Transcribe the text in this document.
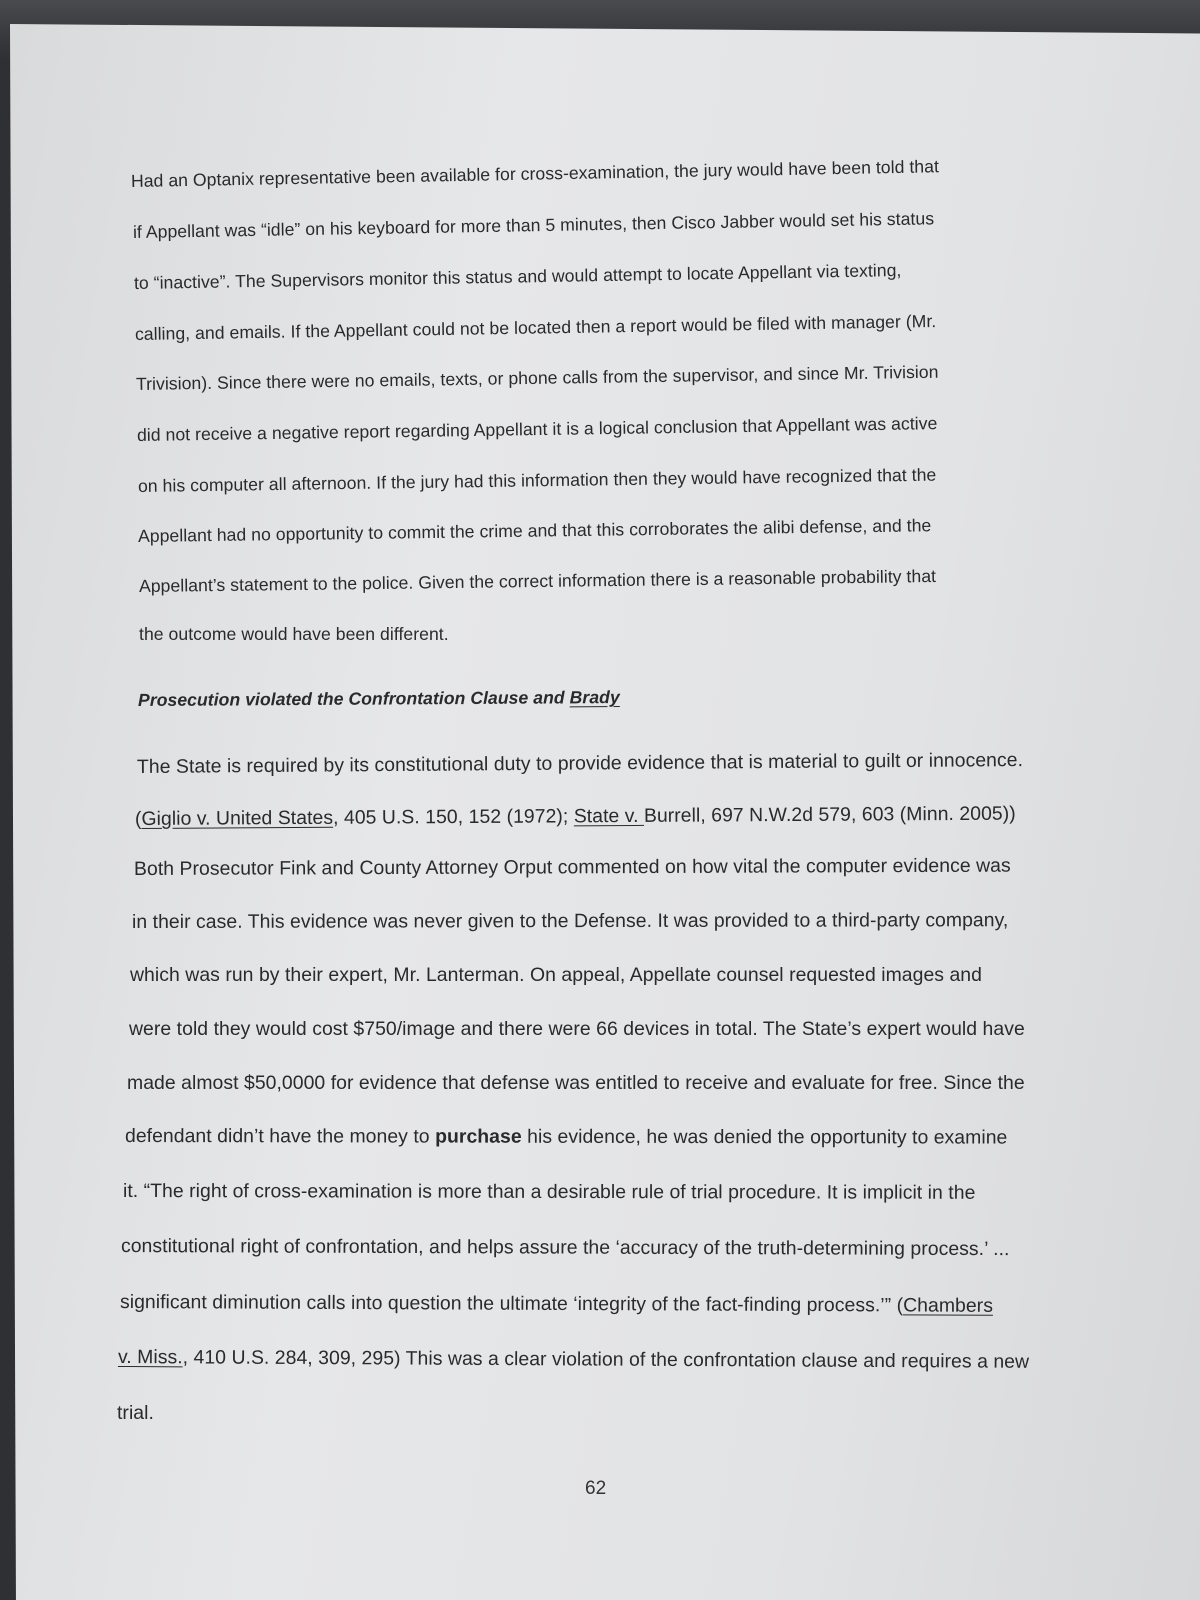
Had an Optanix representative been available for cross-examination, the jury would have been told that
if Appellant was “idle” on his keyboard for more than 5 minutes, then Cisco Jabber would set his status
to “inactive”. The Supervisors monitor this status and would attempt to locate Appellant via texting,
calling, and emails. If the Appellant could not be located then a report would be filed with manager (Mr.
Trivision). Since there were no emails, texts, or phone calls from the supervisor, and since Mr. Trivision
did not receive a negative report regarding Appellant it is a logical conclusion that Appellant was active
on his computer all afternoon. If the jury had this information then they would have recognized that the
Appellant had no opportunity to commit the crime and that this corroborates the alibi defense, and the
Appellant’s statement to the police. Given the correct information there is a reasonable probability that
the outcome would have been different.
Prosecution violated the Confrontation Clause and Brady
The State is required by its constitutional duty to provide evidence that is material to guilt or innocence.
(Giglio v. United States, 405 U.S. 150, 152 (1972); State v. Burrell, 697 N.W.2d 579, 603 (Minn. 2005))
Both Prosecutor Fink and County Attorney Orput commented on how vital the computer evidence was
in their case. This evidence was never given to the Defense. It was provided to a third-party company,
which was run by their expert, Mr. Lanterman. On appeal, Appellate counsel requested images and
were told they would cost $750/image and there were 66 devices in total. The State’s expert would have
made almost $50,0000 for evidence that defense was entitled to receive and evaluate for free. Since the
defendant didn’t have the money to purchase his evidence, he was denied the opportunity to examine
it. “The right of cross-examination is more than a desirable rule of trial procedure. It is implicit in the
constitutional right of confrontation, and helps assure the ‘accuracy of the truth-determining process.’ ...
significant diminution calls into question the ultimate ‘integrity of the fact-finding process.’” (Chambers
v. Miss., 410 U.S. 284, 309, 295) This was a clear violation of the confrontation clause and requires a new
trial.
62
